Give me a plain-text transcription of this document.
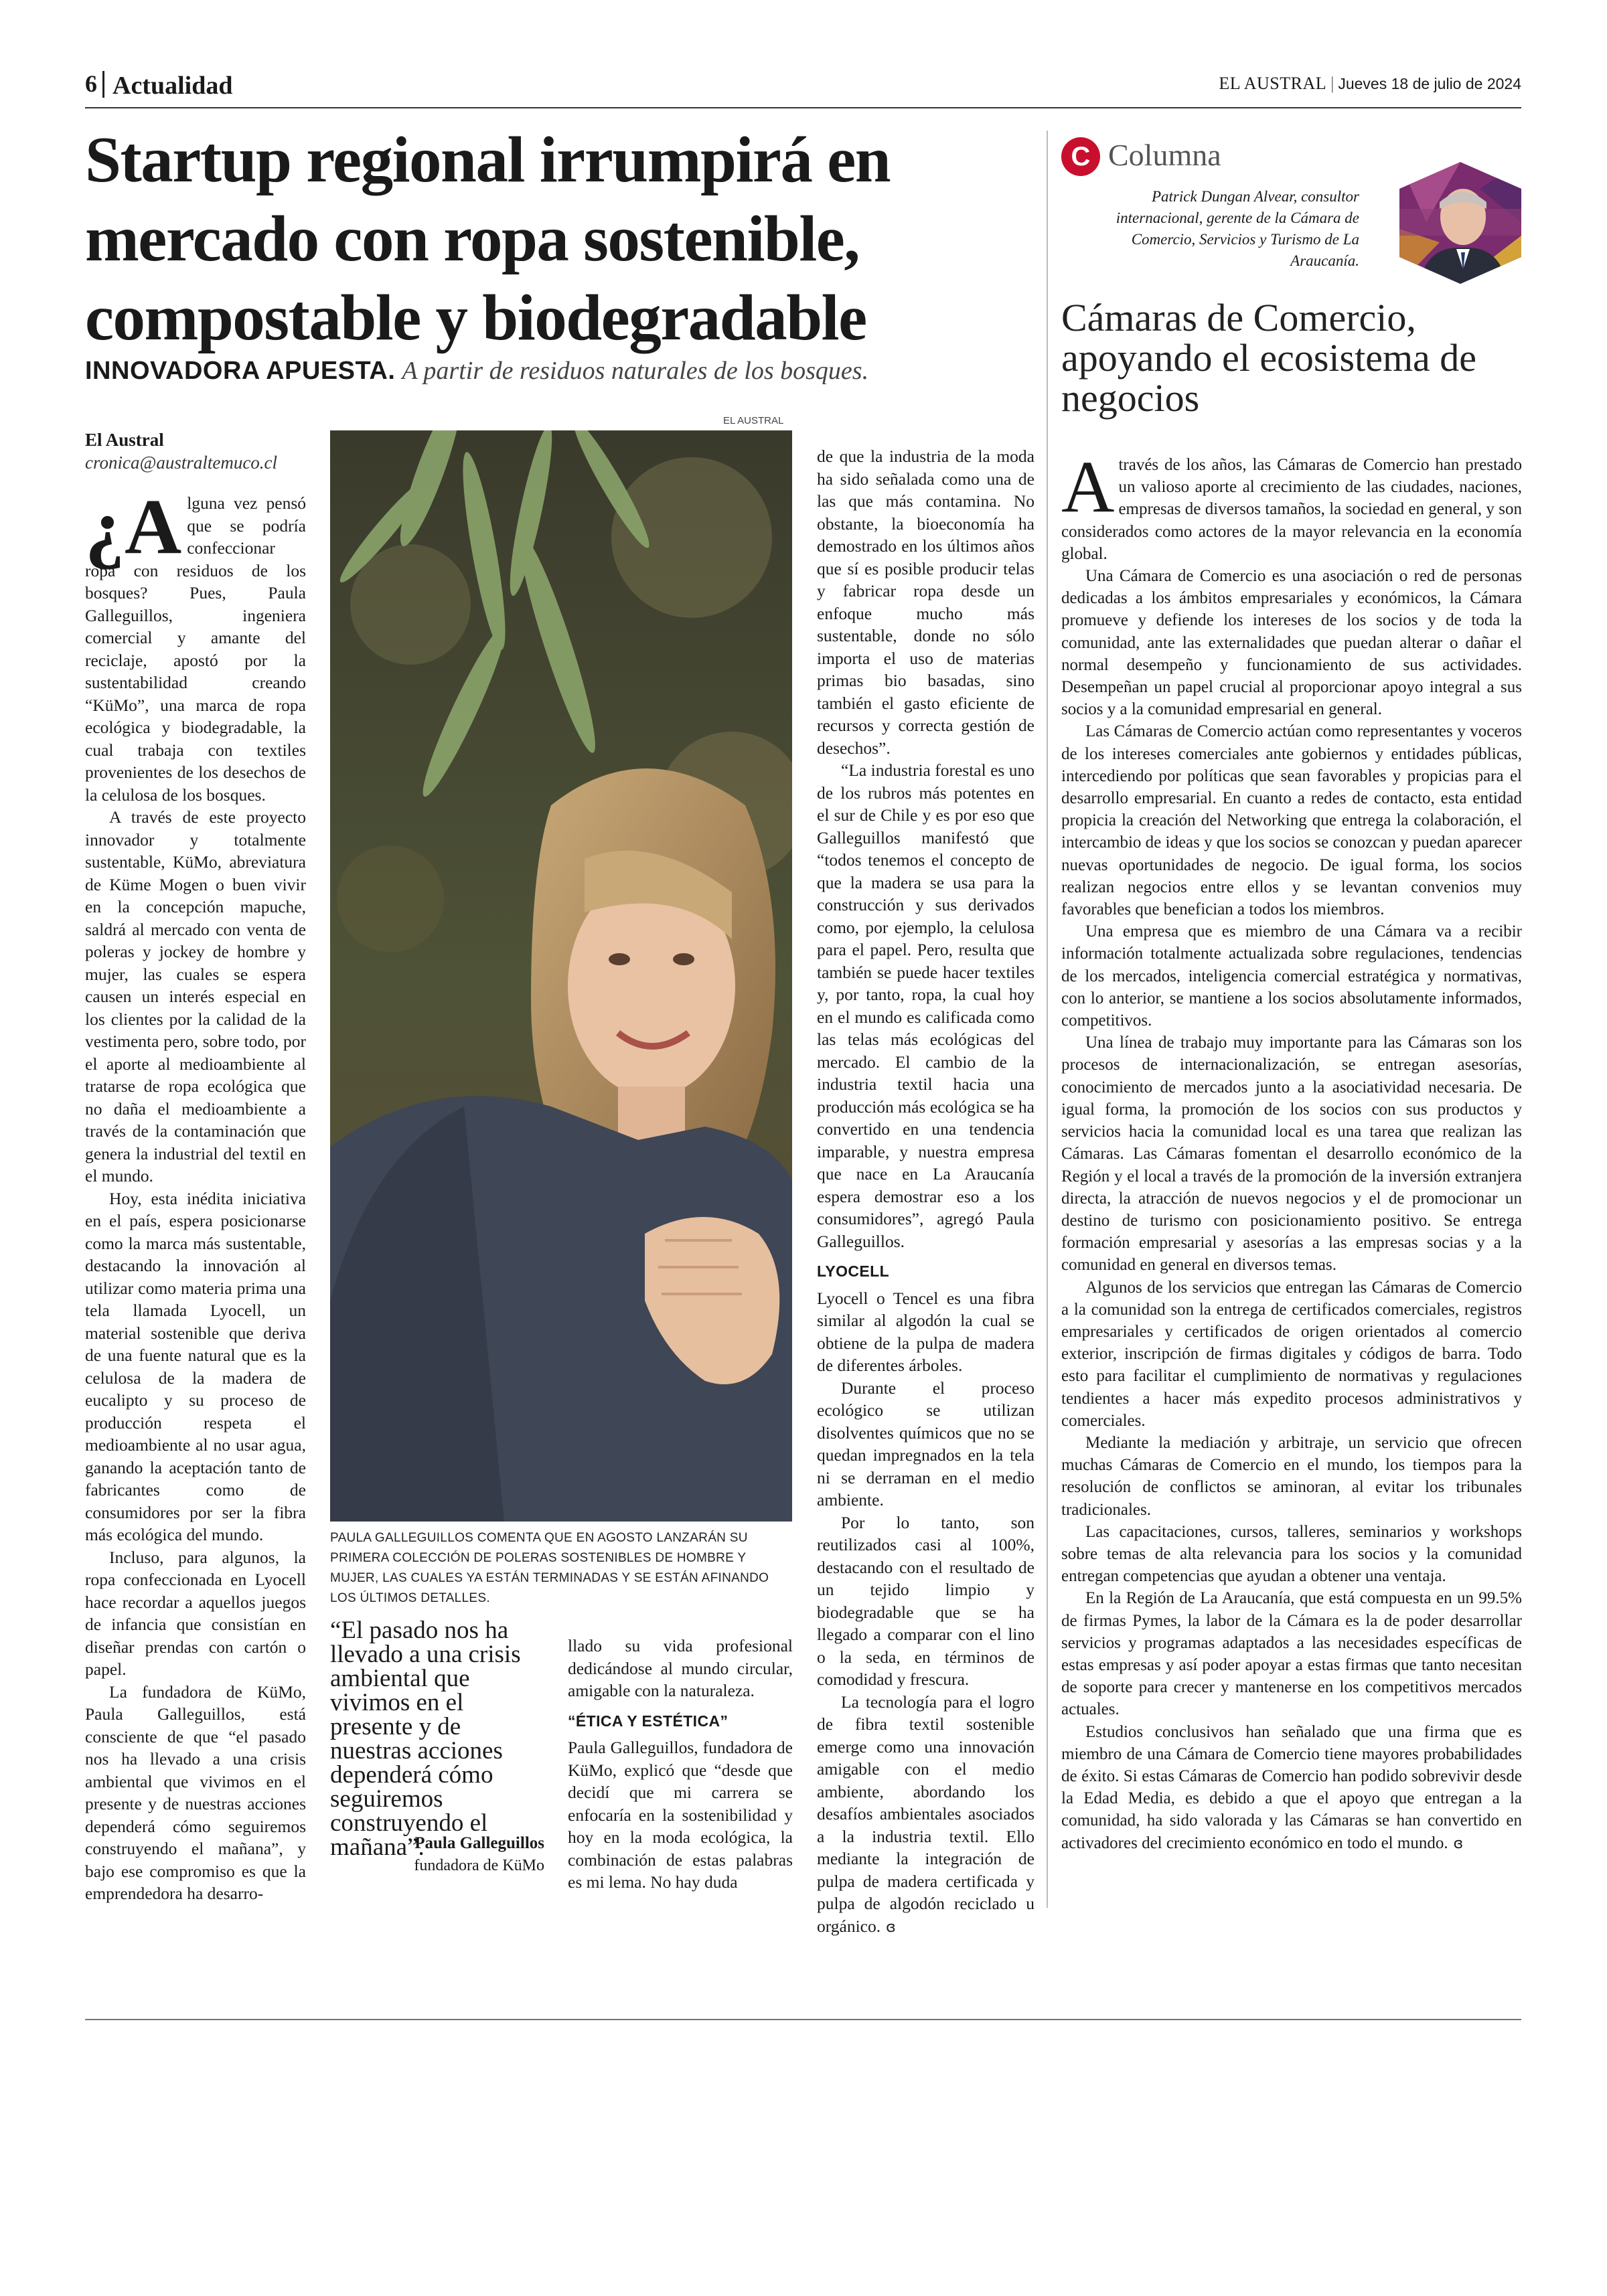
6 Actualidad	EL AUSTRAL | Jueves 18 de julio de 2024
Startup regional irrumpirá en mercado con ropa sostenible, compostable y biodegradable
INNOVADORA APUESTA. A partir de residuos naturales de los bosques.
El Austral
cronica@australtemuco.cl

¿A lguna vez pensó que se podría confeccionar ropa con residuos de los bosques? Pues, Paula Galleguillos, ingeniera comercial y amante del reciclaje, apostó por la sustentabilidad creando “KüMo”, una marca de ropa ecológica y biodegradable, la cual trabaja con textiles provenientes de los desechos de la celulosa de los bosques.

A través de este proyecto innovador y totalmente sustentable, KüMo, abreviatura de Küme Mogen o buen vivir en la concepción mapuche, saldrá al mercado con venta de poleras y jockey de hombre y mujer, las cuales se espera causen un interés especial en los clientes por la calidad de la vestimenta pero, sobre todo, por el aporte al medioambiente al tratarse de ropa ecológica que no daña el medioambiente a través de la contaminación que genera la industrial del textil en el mundo.

Hoy, esta inédita iniciativa en el país, espera posicionarse como la marca más sustentable, destacando la innovación al utilizar como materia prima una tela llamada Lyocell, un material sostenible que deriva de una fuente natural que es la celulosa de la madera de eucalipto y su proceso de producción respeta el medioambiente al no usar agua, ganando la aceptación tanto de fabricantes como de consumidores por ser la fibra más ecológica del mundo.

Incluso, para algunos, la ropa confeccionada en Lyocell hace recordar a aquellos juegos de infancia que consistían en diseñar prendas con cartón o papel.

La fundadora de KüMo, Paula Galleguillos, está consciente de que “el pasado nos ha llevado a una crisis ambiental que vivimos en el presente y de nuestras acciones dependerá cómo seguiremos construyendo el mañana”, y bajo ese compromiso es que la emprendedora ha desarro-

EL AUSTRAL
PAULA GALLEGUILLOS COMENTA QUE EN AGOSTO LANZARÁN SU PRIMERA COLECCIÓN DE POLERAS SOSTENIBLES DE HOMBRE Y MUJER, LAS CUALES YA ESTÁN TERMINADAS Y SE ESTÁN AFINANDO LOS ÚLTIMOS DETALLES.
“El pasado nos ha llevado a una crisis ambiental que vivimos en el presente y de nuestras acciones dependerá cómo seguiremos construyendo el mañana”.
Paula Galleguillos
fundadora de KüMo

llado su vida profesional dedicándose al mundo circular, amigable con la naturaleza.

“ÉTICA Y ESTÉTICA”

Paula Galleguillos, fundadora de KüMo, explicó que “desde que decidí que mi carrera se enfocaría en la sostenibilidad y hoy en la moda ecológica, la combinación de estas palabras es mi lema. No hay duda

de que la industria de la moda ha sido señalada como una de las que más contamina. No obstante, la bioeconomía ha demostrado en los últimos años que sí es posible producir telas y fabricar ropa desde un enfoque mucho más sustentable, donde no sólo importa el uso de materias primas bio basadas, sino también el gasto eficiente de recursos y correcta gestión de desechos”.

“La industria forestal es uno de los rubros más potentes en el sur de Chile y es por eso que Galleguillos manifestó que “todos tenemos el concepto de que la madera se usa para la construcción y sus derivados como, por ejemplo, la celulosa para el papel. Pero, resulta que también se puede hacer textiles y, por tanto, ropa, la cual hoy en el mundo es calificada como las telas más ecológicas del mercado. El cambio de la industria textil hacia una producción más ecológica se ha convertido en una tendencia imparable, y nuestra empresa que nace en La Araucanía espera demostrar eso a los consumidores”, agregó Paula Galleguillos.

LYOCELL

Lyocell o Tencel es una fibra similar al algodón la cual se obtiene de la pulpa de madera de diferentes árboles.

Durante el proceso ecológico se utilizan disolventes químicos que no se quedan impregnados en la tela ni se derraman en el medio ambiente.

Por lo tanto, son reutilizados casi al 100%, destacando con el resultado de un tejido limpio y biodegradable que se ha llegado a comparar con el lino o la seda, en términos de comodidad y frescura.

La tecnología para el logro de fibra textil sostenible emerge como una innovación amigable con el medio ambiente, abordando los desafíos ambientales asociados a la industria textil. Ello mediante la integración de pulpa de madera certificada y pulpa de algodón reciclado u orgánico. ɞ

C Columna
Patrick Dungan Alvear, consultor internacional, gerente de la Cámara de Comercio, Servicios y Turismo de La Araucanía.
Cámaras de Comercio, apoyando el ecosistema de negocios

Através de los años, las Cámaras de Comercio han prestado un valioso aporte al crecimiento de las ciudades, naciones, empresas de diversos tamaños, la sociedad en general, y son considerados como actores de la mayor relevancia en la economía global.

Una Cámara de Comercio es una asociación o red de personas dedicadas a los ámbitos empresariales y económicos, la Cámara promueve y defiende los intereses de los socios y de toda la comunidad, ante las externalidades que puedan alterar o dañar el normal desempeño y funcionamiento de sus actividades. Desempeñan un papel crucial al proporcionar apoyo integral a sus socios y a la comunidad empresarial en general.

Las Cámaras de Comercio actúan como representantes y voceros de los intereses comerciales ante gobiernos y entidades públicas, intercediendo por políticas que sean favorables y propicias para el desarrollo empresarial. En cuanto a redes de contacto, esta entidad propicia la creación del Networking que entrega la colaboración, el intercambio de ideas y que los socios se conozcan y puedan aparecer nuevas oportunidades de negocio. De igual forma, los socios realizan negocios entre ellos y se levantan convenios muy favorables que benefician a todos los miembros.

Una empresa que es miembro de una Cámara va a recibir información totalmente actualizada sobre regulaciones, tendencias de los mercados, inteligencia comercial estratégica y normativas, con lo anterior, se mantiene a los socios absolutamente informados, competitivos.

Una línea de trabajo muy importante para las Cámaras son los procesos de internacionalización, se entregan asesorías, conocimiento de mercados junto a la asociatividad necesaria. De igual forma, la promoción de los socios con sus productos y servicios hacia la comunidad local es una tarea que realizan las Cámaras. Las Cámaras fomentan el desarrollo económico de la Región y el local a través de la promoción de la inversión extranjera directa, la atracción de nuevos negocios y el de promocionar un destino de turismo con posicionamiento positivo. Se entrega formación empresarial y asesorías a las empresas socias y a la comunidad en general en diversos temas.

Algunos de los servicios que entregan las Cámaras de Comercio a la comunidad son la entrega de certificados comerciales, registros empresariales y certificados de origen orientados al comercio exterior, inscripción de firmas digitales y códigos de barra. Todo esto para facilitar el cumplimiento de normativas y regulaciones tendientes a hacer más expedito procesos administrativos y comerciales.

Mediante la mediación y arbitraje, un servicio que ofrecen muchas Cámaras de Comercio en el mundo, los tiempos para la resolución de conflictos se aminoran, al evitar los tribunales tradicionales.

Las capacitaciones, cursos, talleres, seminarios y workshops sobre temas de alta relevancia para los socios y la comunidad entregan competencias que ayudan a obtener una ventaja.

En la Región de La Araucanía, que está compuesta en un 99.5% de firmas Pymes, la labor de la Cámara es la de poder desarrollar servicios y programas adaptados a las necesidades específicas de estas empresas y así poder apoyar a estas firmas que tanto necesitan de soporte para crecer y mantenerse en los competitivos mercados actuales.

Estudios conclusivos han señalado que una firma que es miembro de una Cámara de Comercio tiene mayores probabilidades de éxito. Si estas Cámaras de Comercio han podido sobrevivir desde la Edad Media, es debido a que el apoyo que entregan a la comunidad, ha sido valorada y las Cámaras se han convertido en activadores del crecimiento económico en todo el mundo. ɞ
